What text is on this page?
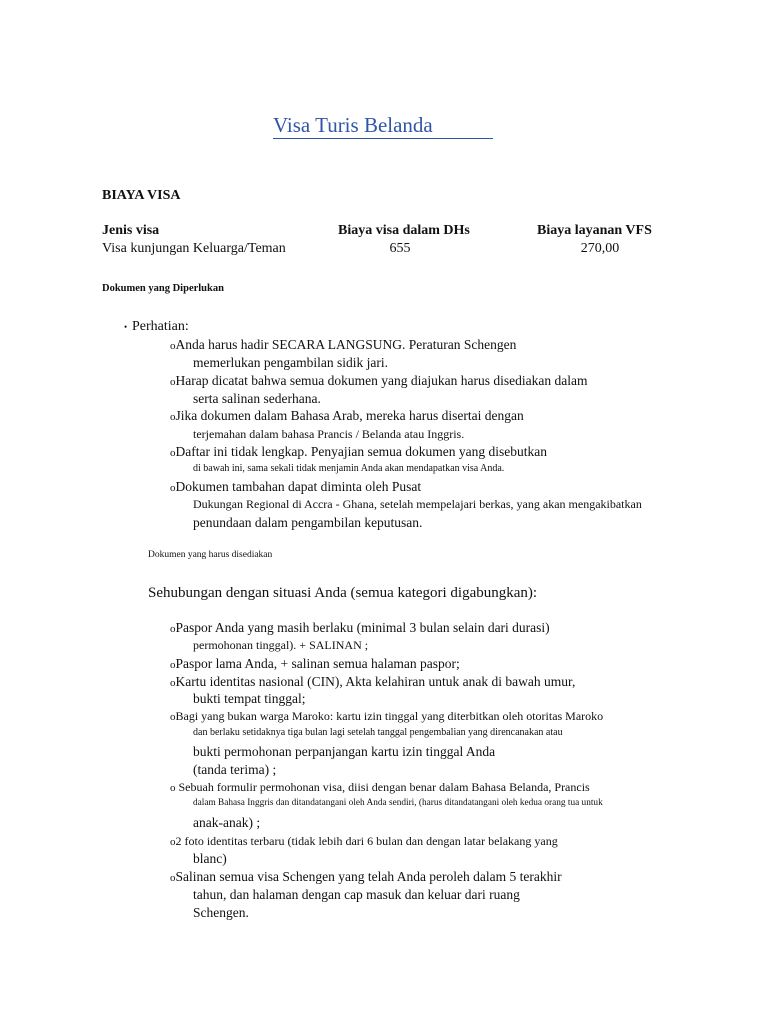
Visa Turis Belanda
BIAYA VISA
Jenis visa	Biaya visa dalam DHs	Biaya layanan VFS
Visa kunjungan Keluarga/Teman	655	270,00
Dokumen yang Diperlukan
• Perhatian:
oAnda harus hadir SECARA LANGSUNG. Peraturan Schengen
memerlukan pengambilan sidik jari.
oHarap dicatat bahwa semua dokumen yang diajukan harus disediakan dalam
serta salinan sederhana.
oJika dokumen dalam Bahasa Arab, mereka harus disertai dengan
terjemahan dalam bahasa Prancis / Belanda atau Inggris.
oDaftar ini tidak lengkap. Penyajian semua dokumen yang disebutkan
di bawah ini, sama sekali tidak menjamin Anda akan mendapatkan visa Anda.
oDokumen tambahan dapat diminta oleh Pusat
Dukungan Regional di Accra - Ghana, setelah mempelajari berkas, yang akan mengakibatkan
penundaan dalam pengambilan keputusan.
Dokumen yang harus disediakan
Sehubungan dengan situasi Anda (semua kategori digabungkan):
oPaspor Anda yang masih berlaku (minimal 3 bulan selain dari durasi)
permohonan tinggal). + SALINAN ;
oPaspor lama Anda, + salinan semua halaman paspor;
oKartu identitas nasional (CIN), Akta kelahiran untuk anak di bawah umur,
bukti tempat tinggal;
oBagi yang bukan warga Maroko: kartu izin tinggal yang diterbitkan oleh otoritas Maroko
dan berlaku setidaknya tiga bulan lagi setelah tanggal pengembalian yang direncanakan atau
bukti permohonan perpanjangan kartu izin tinggal Anda
(tanda terima) ;
o Sebuah formulir permohonan visa, diisi dengan benar dalam Bahasa Belanda, Prancis
dalam Bahasa Inggris dan ditandatangani oleh Anda sendiri, (harus ditandatangani oleh kedua orang tua untuk
anak-anak) ;
o2 foto identitas terbaru (tidak lebih dari 6 bulan dan dengan latar belakang yang
blanc)
oSalinan semua visa Schengen yang telah Anda peroleh dalam 5 terakhir
tahun, dan halaman dengan cap masuk dan keluar dari ruang
Schengen.
